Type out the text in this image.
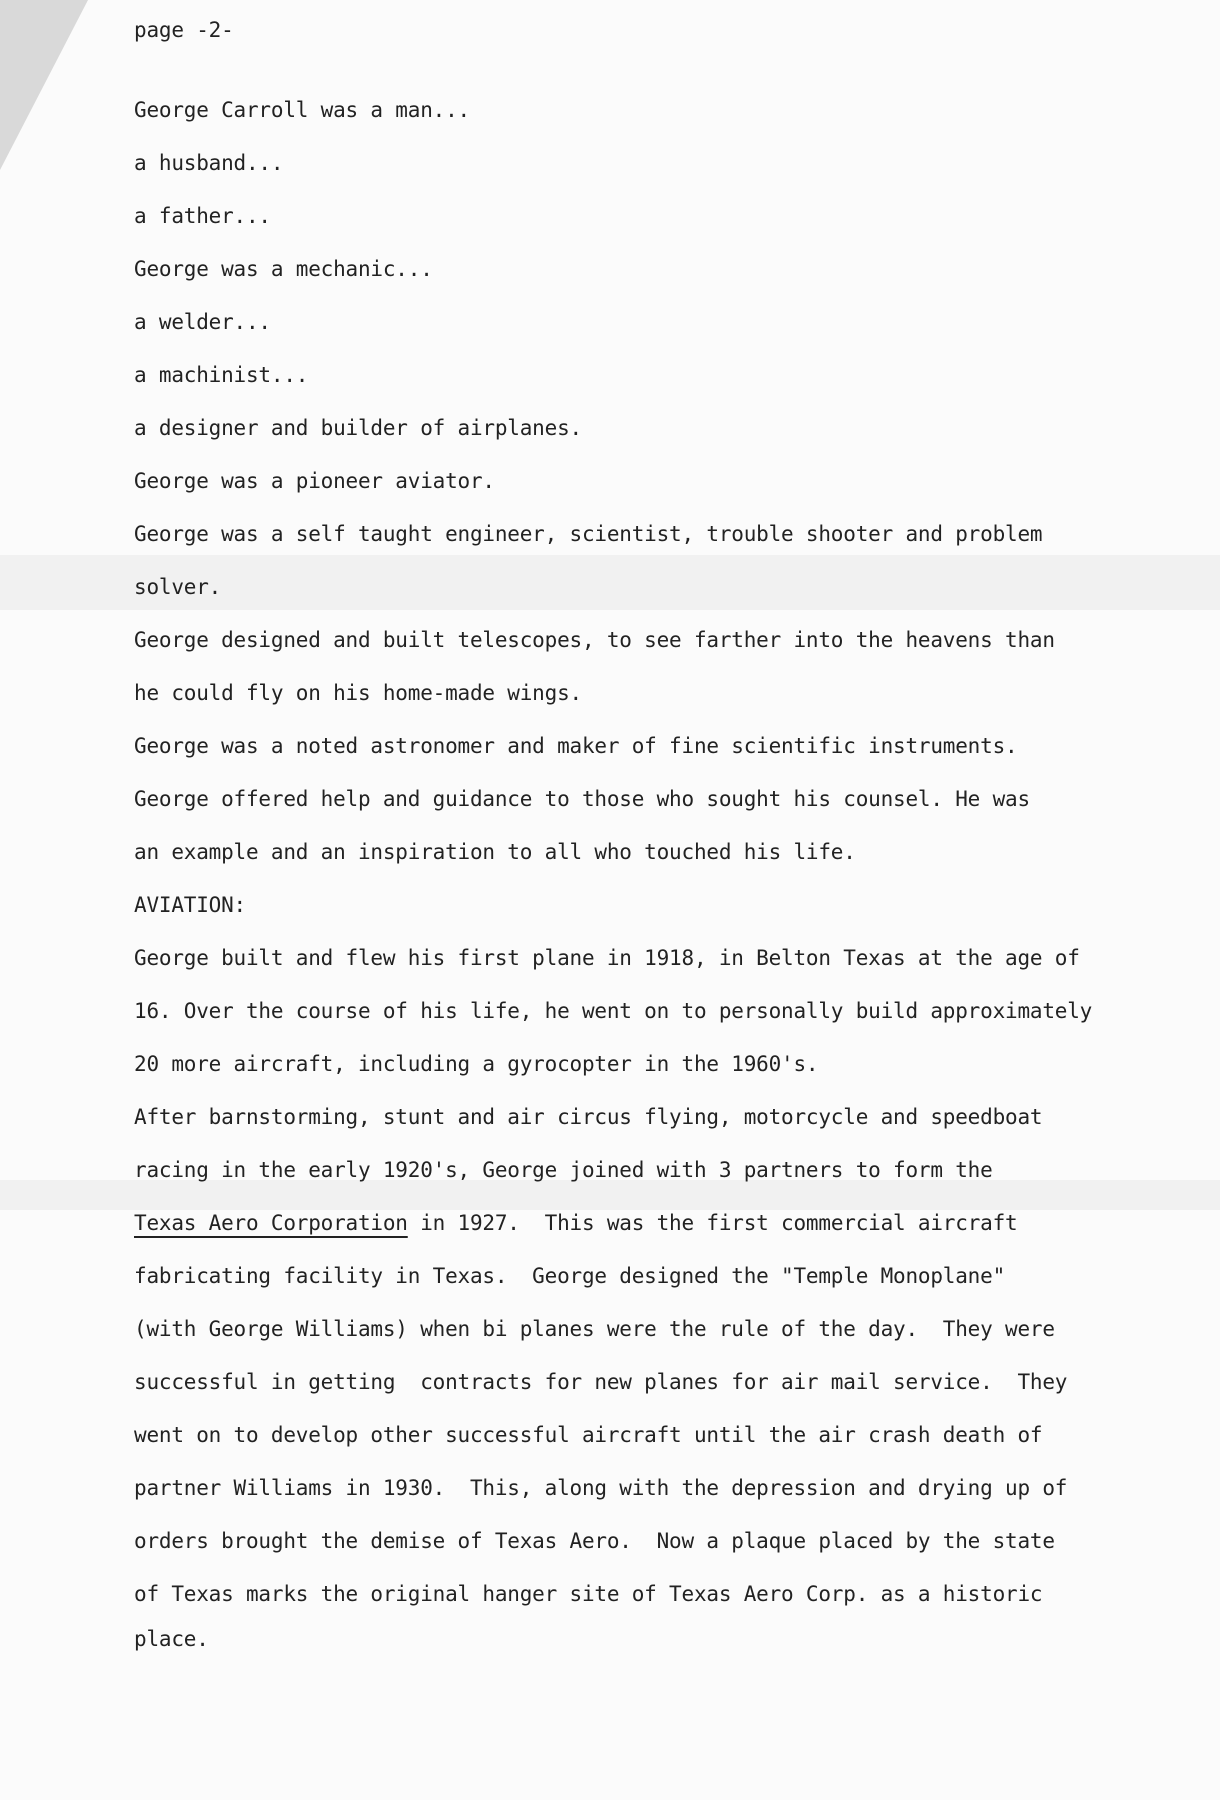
page -2-
George Carroll was a man...
a husband...
a father...
George was a mechanic...
a welder...
a machinist...
a designer and builder of airplanes.
George was a pioneer aviator.
George was a self taught engineer, scientist, trouble shooter and problem
solver.
George designed and built telescopes, to see farther into the heavens than
he could fly on his home-made wings.
George was a noted astronomer and maker of fine scientific instruments.
George offered help and guidance to those who sought his counsel. He was
an example and an inspiration to all who touched his life.
AVIATION:
George built and flew his first plane in 1918, in Belton Texas at the age of
16. Over the course of his life, he went on to personally build approximately
20 more aircraft, including a gyrocopter in the 1960's.
After barnstorming, stunt and air circus flying, motorcycle and speedboat
racing in the early 1920's, George joined with 3 partners to form the
Texas Aero Corporation in 1927.  This was the first commercial aircraft
fabricating facility in Texas.  George designed the "Temple Monoplane"
(with George Williams) when bi planes were the rule of the day.  They were
successful in getting  contracts for new planes for air mail service.  They
went on to develop other successful aircraft until the air crash death of
partner Williams in 1930.  This, along with the depression and drying up of
orders brought the demise of Texas Aero.  Now a plaque placed by the state
of Texas marks the original hanger site of Texas Aero Corp. as a historic
place.
